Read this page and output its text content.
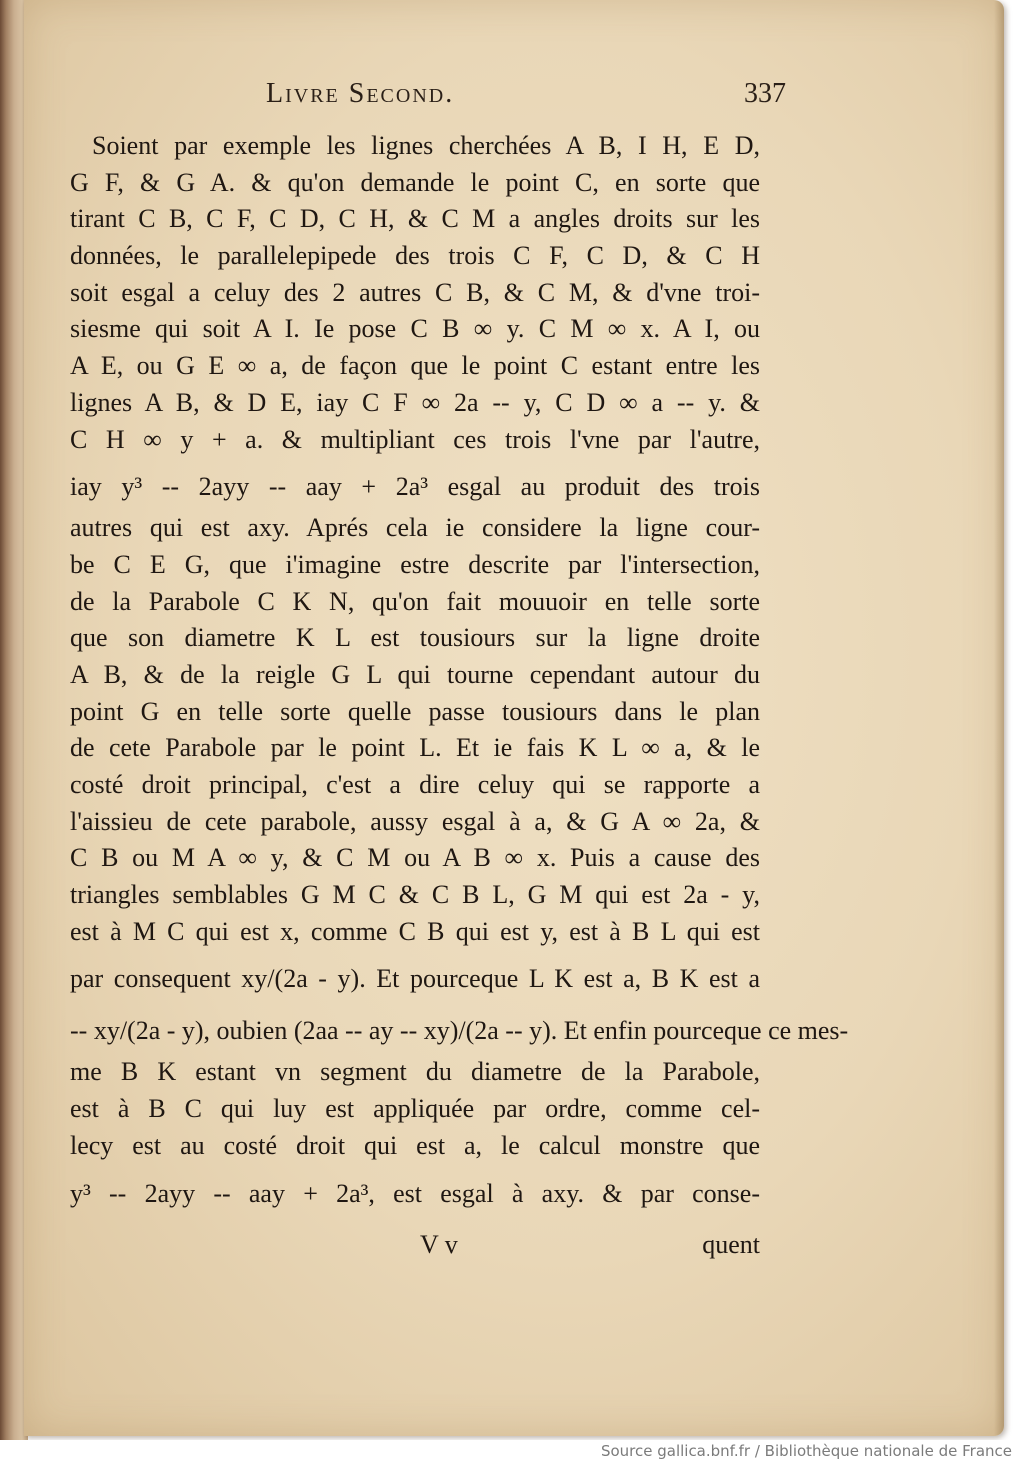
Livre Second.	337
Soient par exemple les lignes cherchées A B, I H, E D,
G F, & G A. & qu'on demande le point C, en sorte que
tirant C B, C F, C D, C H, & C M a angles droits sur les
données, le parallelepipede des trois C F, C D, & C H
soit esgal a celuy des 2 autres C B, & C M, & d'vne troi-
siesme qui soit A I. Ie pose C B ∞ y. C M ∞ x. A I, ou
A E, ou G E ∞ a, de façon que le point C estant entre les
lignes A B, & D E, iay C F ∞ 2a -- y, C D ∞ a -- y. &
C H ∞ y + a. & multipliant ces trois l'vne par l'autre,
iay y³ -- 2ayy -- aay + 2a³ esgal au produit des trois
autres qui est axy. Aprés cela ie considere la ligne cour-
be C E G, que i'imagine estre descrite par l'intersection,
de la Parabole C K N, qu'on fait mouuoir en telle sorte
que son diametre K L est tousiours sur la ligne droite
A B, & de la reigle G L qui tourne cependant autour du
point G en telle sorte quelle passe tousiours dans le plan
de cete Parabole par le point L. Et ie fais K L ∞ a, & le
costé droit principal, c'est a dire celuy qui se rapporte a
l'aissieu de cete parabole, aussy esgal à a, & G A ∞ 2a, &
C B ou M A ∞ y, & C M ou A B ∞ x. Puis a cause des
triangles semblables G M C & C B L, G M qui est 2a - y,
est à M C qui est x, comme C B qui est y, est à B L qui est
par consequent xy/(2a - y). Et pourceque L K est a, B K est a
-- xy/(2a - y), oubien (2aa -- ay -- xy)/(2a -- y). Et enfin pourceque ce mes-
me B K estant vn segment du diametre de la Parabole,
est à B C qui luy est appliquée par ordre, comme cel-
lecy est au costé droit qui est a, le calcul monstre que
y³ -- 2ayy -- aay + 2a³, est esgal à axy. & par conse-
V v	quent
Source gallica.bnf.fr / Bibliothèque nationale de France
